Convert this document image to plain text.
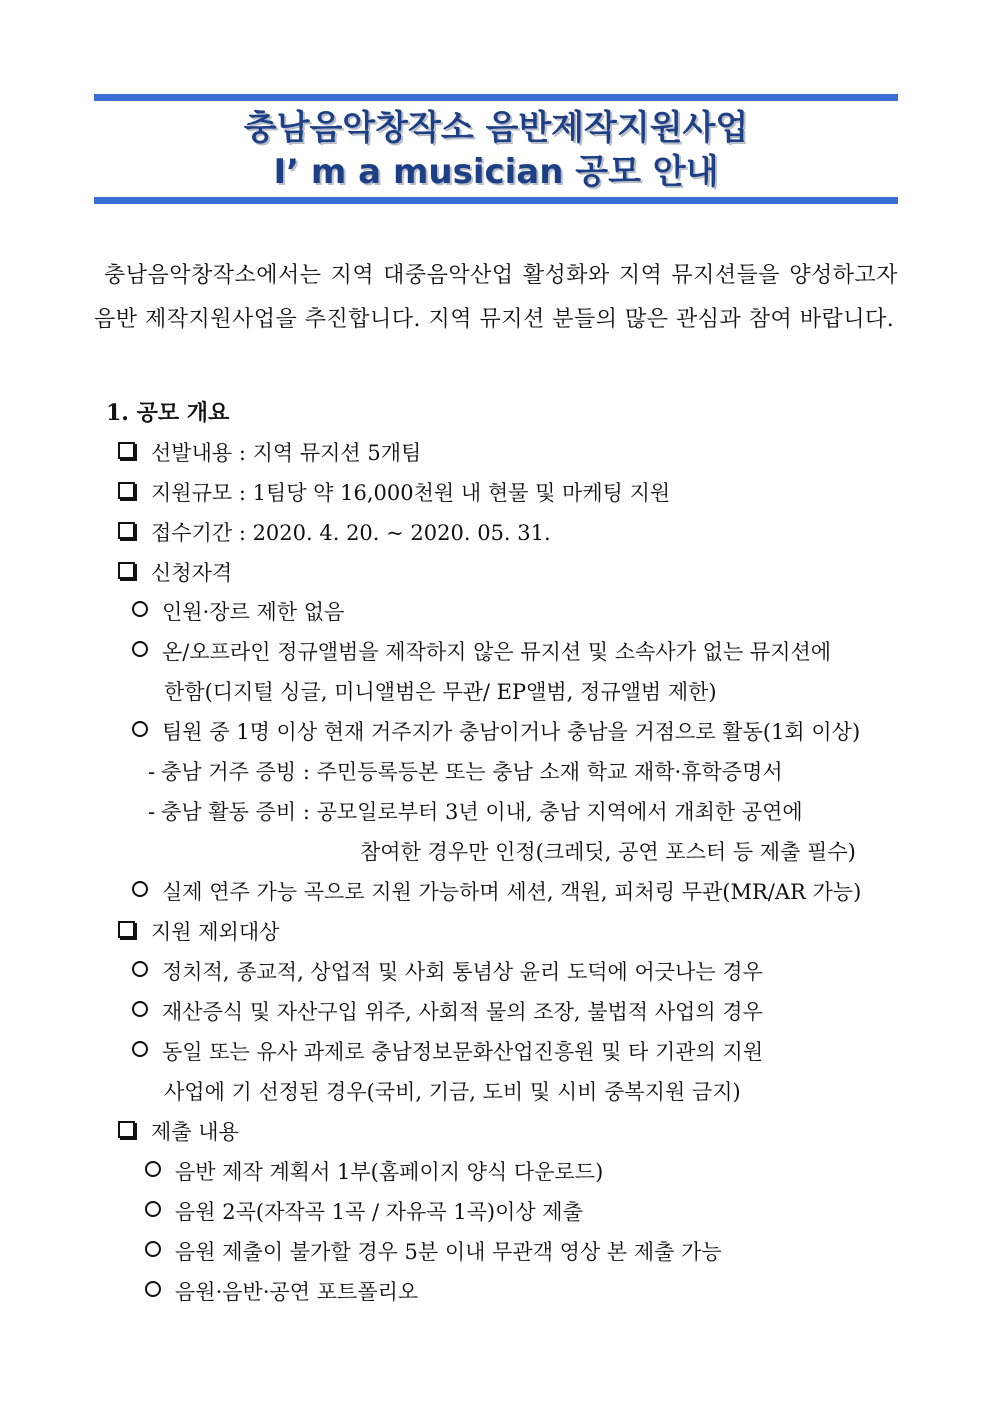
충남음악창작소 음반제작지원사업
I’ m a musician 공모 안내

충남음악창작소에서는 지역 대중음악산업 활성화와 지역 뮤지션들을 양성하고자 음반 제작지원사업을 추진합니다. 지역 뮤지션 분들의 많은 관심과 참여 바랍니다.

1. 공모 개요
선발내용 : 지역 뮤지션 5개팀
지원규모 : 1팀당 약 16,000천원 내 현물 및 마케팅 지원
접수기간 : 2020. 4. 20. ~ 2020. 05. 31.
신청자격
인원·장르 제한 없음
온/오프라인 정규앨범을 제작하지 않은 뮤지션 및 소속사가 없는 뮤지션에
한함(디지털 싱글, 미니앨범은 무관/ EP앨범, 정규앨범 제한)
팀원 중 1명 이상 현재 거주지가 충남이거나 충남을 거점으로 활동(1회 이상)
- 충남 거주 증빙 : 주민등록등본 또는 충남 소재 학교 재학·휴학증명서
- 충남 활동 증비 : 공모일로부터 3년 이내, 충남 지역에서 개최한 공연에
참여한 경우만 인정(크레딧, 공연 포스터 등 제출 필수)
실제 연주 가능 곡으로 지원 가능하며 세션, 객원, 피처링 무관(MR/AR 가능)
지원 제외대상
정치적, 종교적, 상업적 및 사회 통념상 윤리 도덕에 어긋나는 경우
재산증식 및 자산구입 위주, 사회적 물의 조장, 불법적 사업의 경우
동일 또는 유사 과제로 충남정보문화산업진흥원 및 타 기관의 지원
사업에 기 선정된 경우(국비, 기금, 도비 및 시비 중복지원 금지)
제출 내용
음반 제작 계획서 1부(홈페이지 양식 다운로드)
음원 2곡(자작곡 1곡 / 자유곡 1곡)이상 제출
음원 제출이 불가할 경우 5분 이내 무관객 영상 본 제출 가능
음원·음반·공연 포트폴리오
